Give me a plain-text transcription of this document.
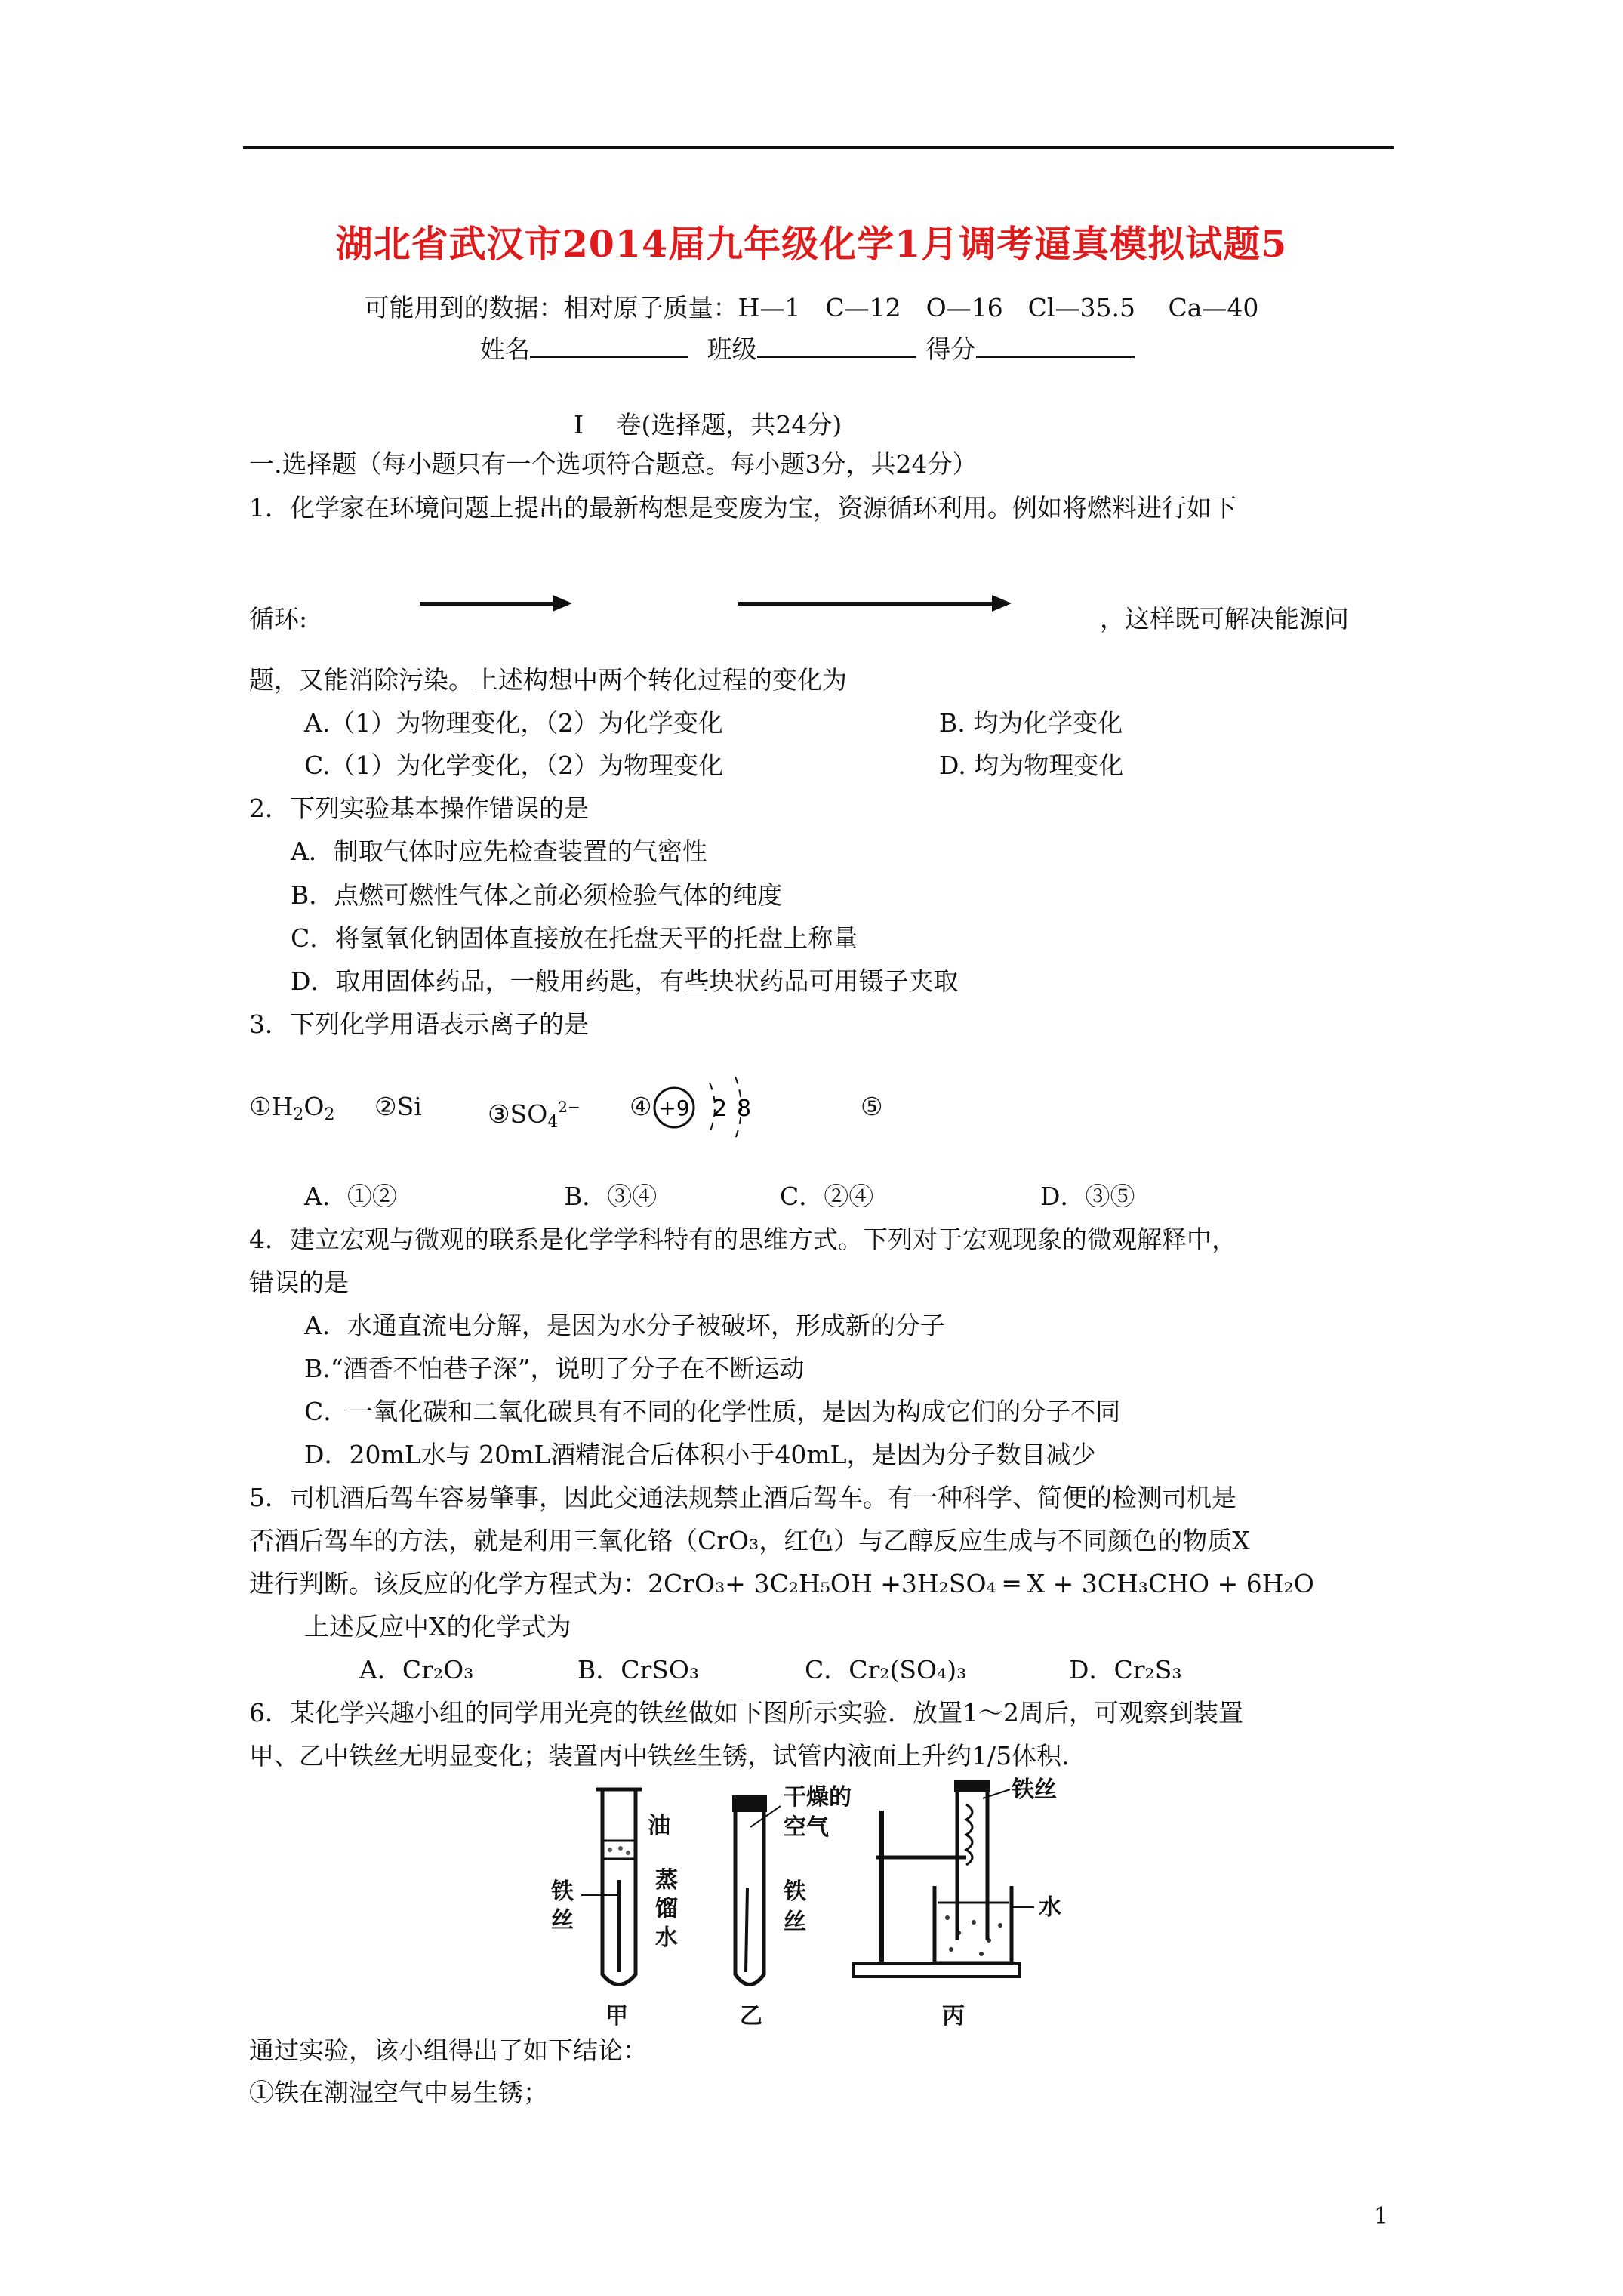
湖北省武汉市2014届九年级化学1月调考逼真模拟试题5
可能用到的数据：相对原子质量：H—1　C—12　O—16　Cl—35.5　 Ca—40
姓名	班级	得分
I　 卷(选择题，共24分)
一.选择题（每小题只有一个选项符合题意。每小题3分，共24分）
1．化学家在环境问题上提出的最新构想是变废为宝，资源循环利用。例如将燃料进行如下
循环:	，这样既可解决能源问
题，又能消除污染。上述构想中两个转化过程的变化为
A.（1）为物理变化，（2）为化学变化	B. 均为化学变化
C.（1）为化学变化，（2）为物理变化	D. 均为物理变化
2．下列实验基本操作错误的是
A．制取气体时应先检查装置的气密性
B．点燃可燃性气体之前必须检验气体的纯度
C．将氢氧化钠固体直接放在托盘天平的托盘上称量
D．取用固体药品，一般用药匙，有些块状药品可用镊子夹取
3．下列化学用语表示离子的是
$①H_2O_2$ ②Si	$③SO_4^{2-}$ ④ +9 2 8	⑤
A．①②	B．③④	C．②④	D．③⑤
4．建立宏观与微观的联系是化学学科特有的思维方式。下列对于宏观现象的微观解释中，
错误的是
A．水通直流电分解，是因为水分子被破坏，形成新的分子
B.“酒香不怕巷子深”，说明了分子在不断运动
C．一氧化碳和二氧化碳具有不同的化学性质，是因为构成它们的分子不同
D．20mL水与 20mL酒精混合后体积小于40mL，是因为分子数目减少
5．司机酒后驾车容易肇事，因此交通法规禁止酒后驾车。有一种科学、简便的检测司机是
否酒后驾车的方法，就是利用三氧化铬（CrO₃，红色）与乙醇反应生成与不同颜色的物质X
进行判断。该反应的化学方程式为：2CrO₃+ 3C₂H₅OH +3H₂SO₄ ═ X + 3CH₃CHO + 6H₂O
上述反应中X的化学式为
A．Cr₂O₃	B．CrSO₃	C．Cr₂(SO₄)₃	D．Cr₂S₃
6．某化学兴趣小组的同学用光亮的铁丝做如下图所示实验．放置1～2周后，可观察到装置
甲、乙中铁丝无明显变化；装置丙中铁丝生锈，试管内液面上升约1/5体积．
油
铁
丝
蒸
馏
水
甲
干燥的
空气
铁
丝
乙
铁丝
水
丙
通过实验，该小组得出了如下结论：
①铁在潮湿空气中易生锈；
1
